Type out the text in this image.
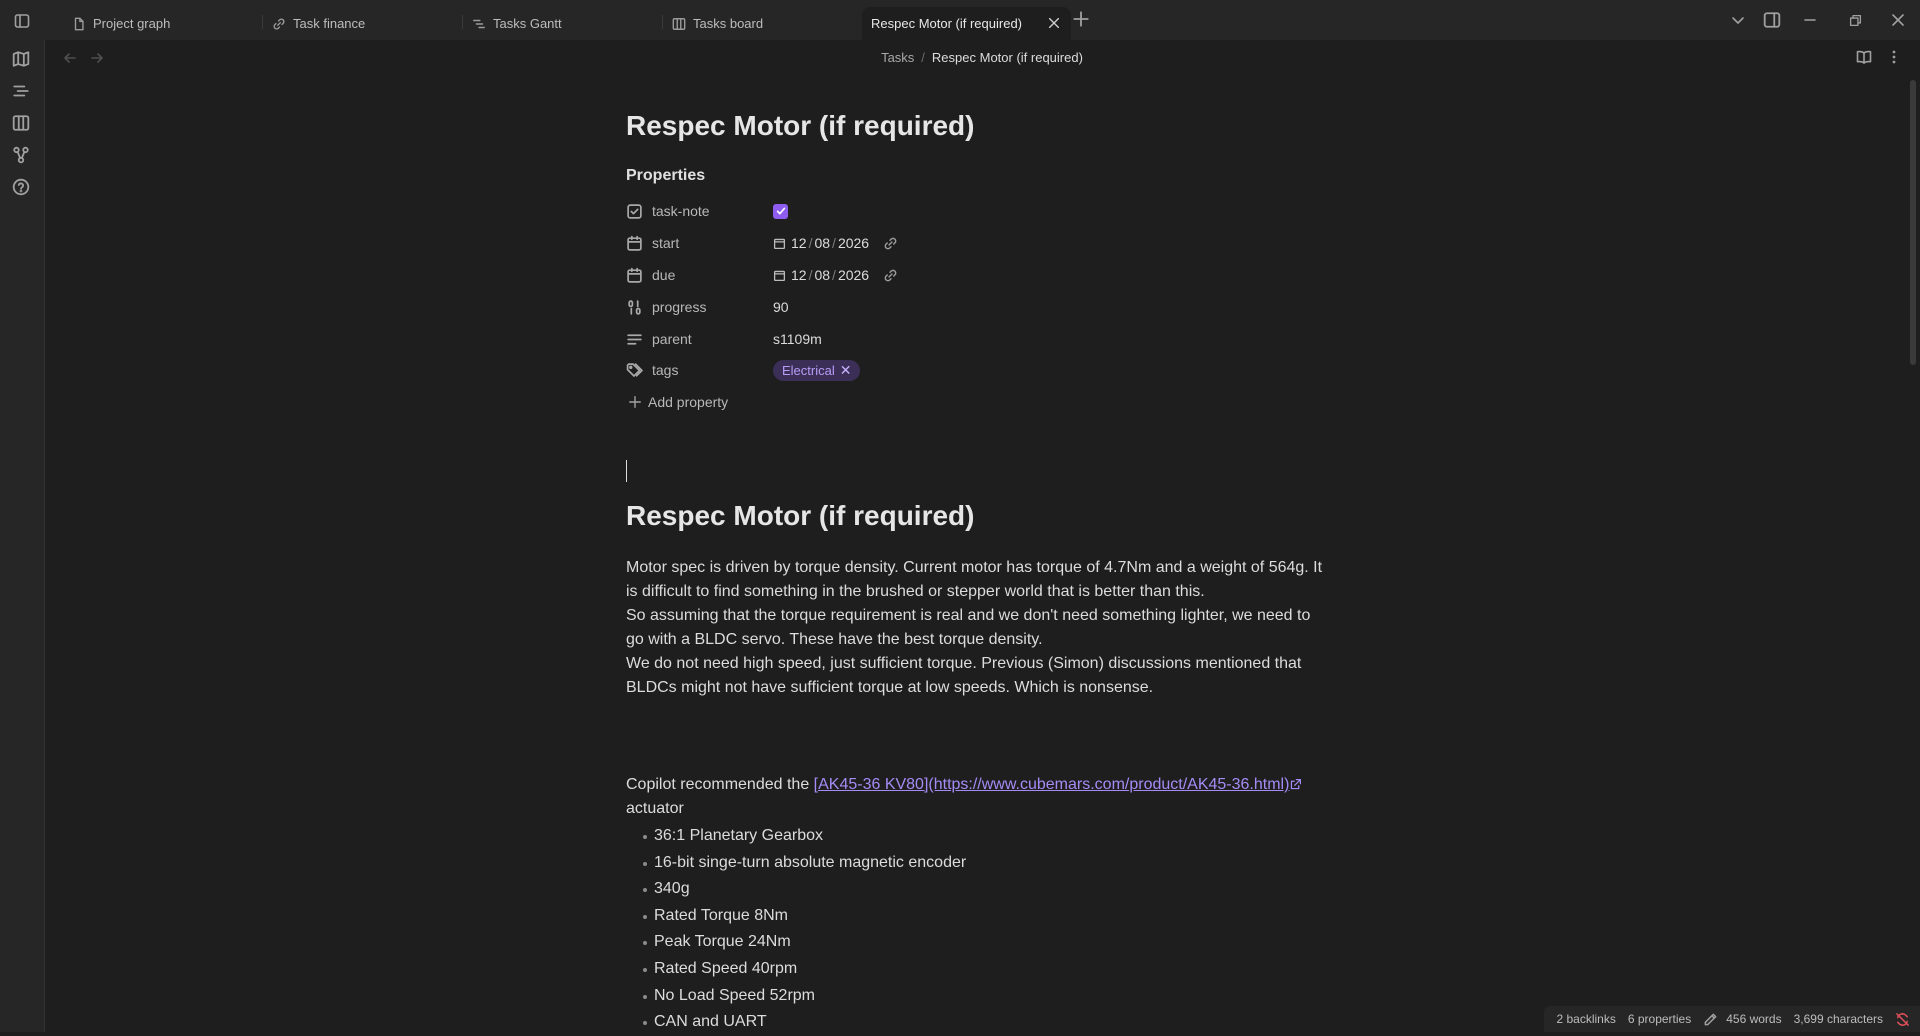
Project graph	Task finance	Tasks Gantt	Tasks board	Respec Motor (if required)
Tasks / Respec Motor (if required)
Respec Motor (if required)
Properties
task-note
start	12 / 08 / 2026
due	12 / 08 / 2026
progress	90
parent	s1109m
tags	Electrical ✕
Add property
Respec Motor (if required)

Motor spec is driven by torque density. Current motor has torque of 4.7Nm and a weight of 564g. It is difficult to find something in the brushed or stepper world that is better than this.

So assuming that the torque requirement is real and we don't need something lighter, we need to go with a BLDC servo. These have the best torque density.

We do not need high speed, just sufficient torque. Previous (Simon) discussions mentioned that BLDCs might not have sufficient torque at low speeds. Which is nonsense.

Copilot recommended the [AK45-36 KV80](https://www.cubemars.com/product/AK45-36.html)
actuator

36:1 Planetary Gearbox
16-bit singe-turn absolute magnetic encoder
340g
Rated Torque 8Nm
Peak Torque 24Nm
Rated Speed 40rpm
No Load Speed 52rpm
CAN and UART	2 backlinks 6 properties	456 words 3,699 characters
